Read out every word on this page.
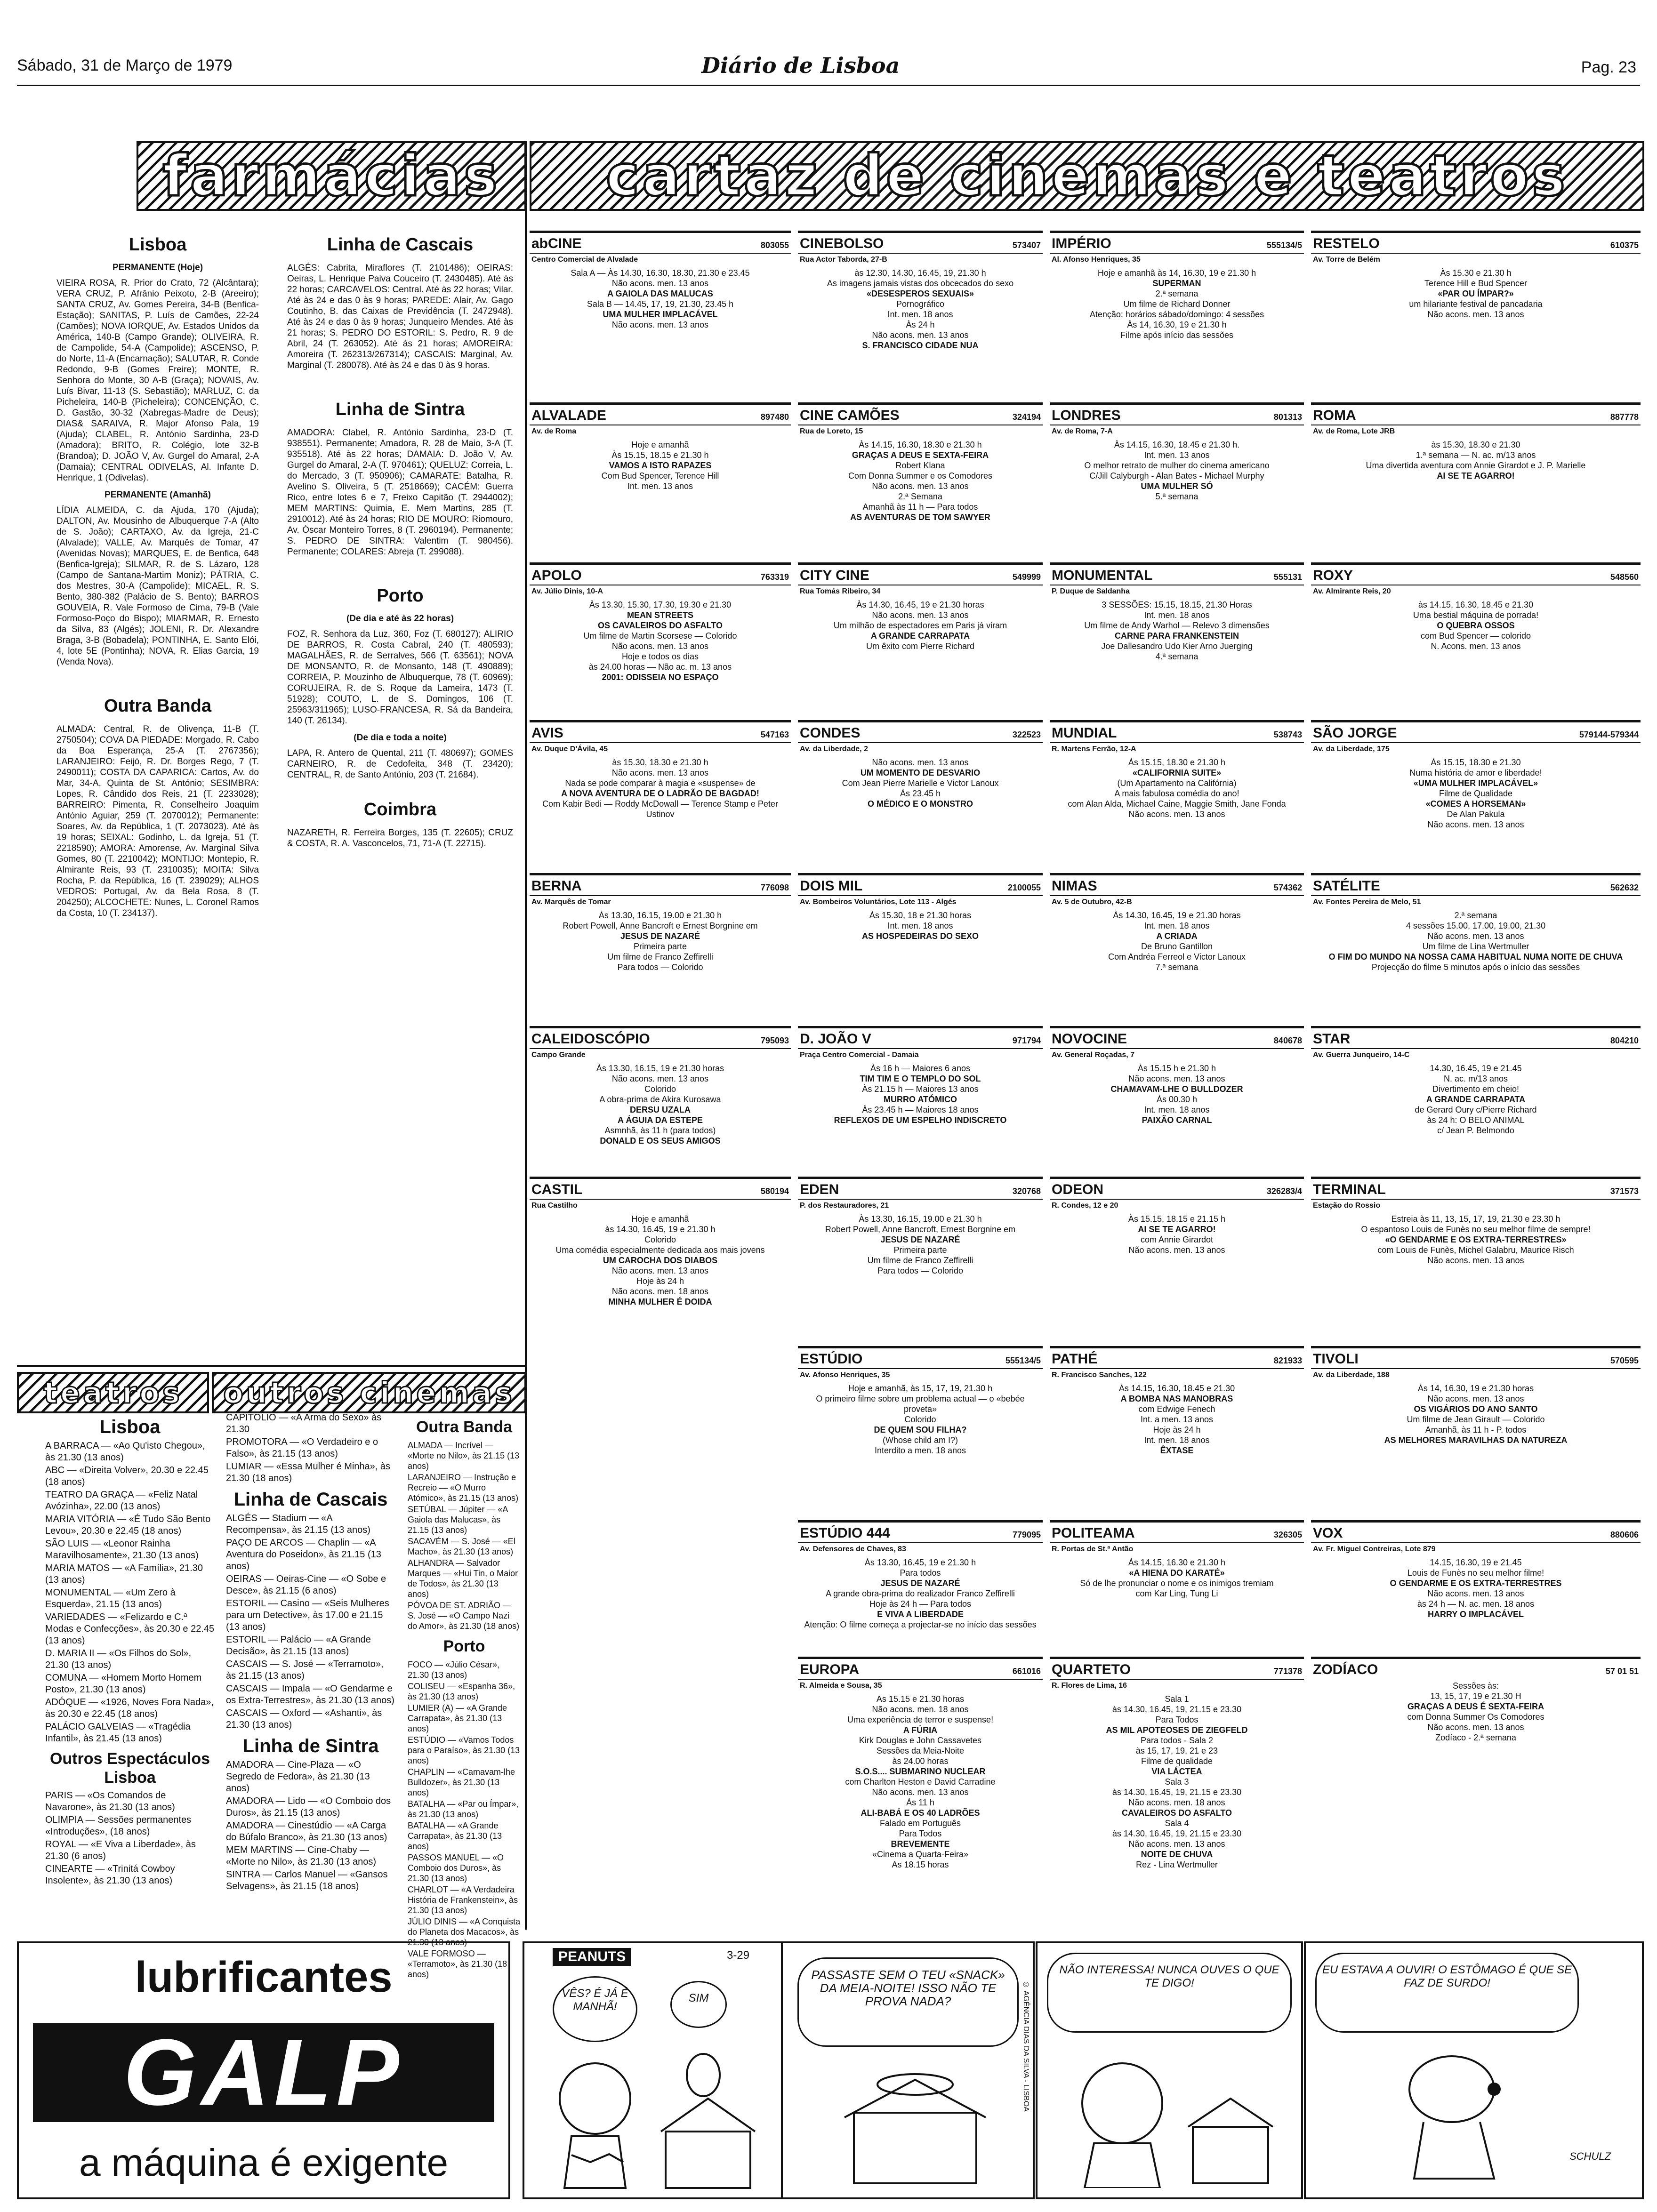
Sábado, 31 de Março de 1979	Diário de Lisboa	Pag. 23
farmácias cartaz de cinemas e teatros
Lisboa
PERMANENTE (Hoje)

VIEIRA ROSA, R. Prior do Crato, 72 (Alcântara); VERA CRUZ, P. Afrânio Peixoto, 2-B (Areeiro); SANTA CRUZ, Av. Gomes Pereira, 34-B (Benfica-Estação); SANITAS, P. Luís de Camões, 22-24 (Camões); NOVA IORQUE, Av. Estados Unidos da América, 140-B (Campo Grande); OLIVEIRA, R. de Campolide, 54-A (Campolide); ASCENSO, P. do Norte, 11-A (Encarnação); SALUTAR, R. Conde Redondo, 9-B (Gomes Freire); MONTE, R. Senhora do Monte, 30 A-B (Graça); NOVAIS, Av. Luís Bivar, 11-13 (S. Sebastião); MARLUZ, C. da Picheleira, 140-B (Picheleira); CONCENÇÃO, C. D. Gastão, 30-32 (Xabregas-Madre de Deus); DIAS& SARAIVA, R. Major Afonso Pala, 19 (Ajuda); CLABEL, R. António Sardinha, 23-D (Amadora); BRITO, R. Colégio, lote 32-B (Brandoa); D. JOÃO V, Av. Gurgel do Amaral, 2-A (Damaia); CENTRAL ODIVELAS, Al. Infante D. Henrique, 1 (Odivelas).

PERMANENTE (Amanhã)

LÍDIA ALMEIDA, C. da Ajuda, 170 (Ajuda); DALTON, Av. Mousinho de Albuquerque 7-A (Alto de S. João); CARTAXO, Av. da Igreja, 21-C (Alvalade); VALLE, Av. Marquês de Tomar, 47 (Avenidas Novas); MARQUES, E. de Benfica, 648 (Benfica-Igreja); SILMAR, R. de S. Lázaro, 128 (Campo de Santana-Martim Moniz); PÁTRIA, C. dos Mestres, 30-A (Campolide); MICAEL, R. S. Bento, 380-382 (Palácio de S. Bento); BARROS GOUVEIA, R. Vale Formoso de Cima, 79-B (Vale Formoso-Poço do Bispo); MIARMAR, R. Ernesto da Silva, 83 (Algés); JOLENI, R. Dr. Alexandre Braga, 3-B (Bobadela); PONTINHA, E. Santo Elói, 4, lote 5E (Pontinha); NOVA, R. Elias Garcia, 19 (Venda Nova).

Outra Banda

ALMADA: Central, R. de Olivença, 11-B (T. 2750504); COVA DA PIEDADE: Morgado, R. Cabo da Boa Esperança, 25-A (T. 2767356); LARANJEIRO: Feijó, R. Dr. Borges Rego, 7 (T. 2490011); COSTA DA CAPARICA: Cartos, Av. do Mar, 34-A, Quinta de St. António; SESIMBRA: Lopes, R. Cândido dos Reis, 21 (T. 2233028); BARREIRO: Pimenta, R. Conselheiro Joaquim António Aguiar, 259 (T. 2070012); Permanente: Soares, Av. da República, 1 (T. 2073023). Até às 19 horas; SEIXAL: Godinho, L. da Igreja, 51 (T. 2218590); AMORA: Amorense, Av. Marginal Silva Gomes, 80 (T. 2210042); MONTIJO: Montepio, R. Almirante Reis, 93 (T. 2310035); MOITA: Silva Rocha, P. da República, 16 (T. 239029); ALHOS VEDROS: Portugal, Av. da Bela Rosa, 8 (T. 204250); ALCOCHETE: Nunes, L. Coronel Ramos da Costa, 10 (T. 234137).

Linha de Cascais

ALGÉS: Cabrita, Miraflores (T. 2101486); OEIRAS: Oeiras, L. Henrique Paiva Couceiro (T. 2430485). Até às 22 horas; CARCAVELOS: Central. Até às 22 horas; Vilar. Até às 24 e das 0 às 9 horas; PAREDE: Alair, Av. Gago Coutinho, B. das Caixas de Previdência (T. 2472948). Até às 24 e das 0 às 9 horas; Junqueiro Mendes. Até às 21 horas; S. PEDRO DO ESTORIL: S. Pedro, R. 9 de Abril, 24 (T. 263052). Até às 21 horas; AMOREIRA: Amoreira (T. 262313/267314); CASCAIS: Marginal, Av. Marginal (T. 280078). Até às 24 e das 0 às 9 horas.

Linha de Sintra

AMADORA: Clabel, R. António Sardinha, 23-D (T. 938551). Permanente; Amadora, R. 28 de Maio, 3-A (T. 935518). Até às 22 horas; DAMAIA: D. João V, Av. Gurgel do Amaral, 2-A (T. 970461); QUELUZ: Correia, L. do Mercado, 3 (T. 950906); CAMARATE: Batalha, R. Avelino S. Oliveira, 5 (T. 2518669); CACÉM: Guerra Rico, entre lotes 6 e 7, Freixo Capitão (T. 2944002); MEM MARTINS: Quimia, E. Mem Martins, 285 (T. 2910012). Até às 24 horas; RIO DE MOURO: Riomouro, Av. Óscar Monteiro Torres, 8 (T. 2960194). Permanente; S. PEDRO DE SINTRA: Valentim (T. 980456). Permanente; COLARES: Abreja (T. 299088).

Porto
(De dia e até às 22 horas)

FOZ, R. Senhora da Luz, 360, Foz (T. 680127); ALIRIO DE BARROS, R. Costa Cabral, 240 (T. 480593); MAGALHÃES, R. de Serralves, 566 (T. 63561); NOVA DE MONSANTO, R. de Monsanto, 148 (T. 490889); CORREIA, P. Mouzinho de Albuquerque, 78 (T. 60969); CORUJEIRA, R. de S. Roque da Lameira, 1473 (T. 51928); COUTO, L. de S. Domingos, 106 (T. 25963/311965); LUSO-FRANCESA, R. Sá da Bandeira, 140 (T. 26134).

(De dia e toda a noite)

LAPA, R. Antero de Quental, 211 (T. 480697); GOMES CARNEIRO, R. de Cedofeita, 348 (T. 23420); CENTRAL, R. de Santo António, 203 (T. 21684).

Coimbra

NAZARETH, R. Ferreira Borges, 135 (T. 22605); CRUZ & COSTA, R. A. Vasconcelos, 71, 71-A (T. 22715).

abCINE	803055
Centro Comercial de Alvalade
Sala A — Às 14.30, 16.30, 18.30, 21.30 e 23.45
Não acons. men. 13 anos
A GAIOLA DAS MALUCAS
Sala B — 14.45, 17, 19, 21.30, 23.45 h
UMA MULHER IMPLACÁVEL
Não acons. men. 13 anos
ALVALADE	897480
Av. de Roma
Hoje e amanhã
Às 15.15, 18.15 e 21.30 h
VAMOS A ISTO RAPAZES
Com Bud Spencer, Terence Hill
Int. men. 13 anos
APOLO	763319
Av. Júlio Dinis, 10-A
Às 13.30, 15.30, 17.30, 19.30 e 21.30
MEAN STREETS
OS CAVALEIROS DO ASFALTO
Um filme de Martin Scorsese — Colorido
Não acons. men. 13 anos
Hoje e todos os dias
às 24.00 horas — Não ac. m. 13 anos
2001: ODISSEIA NO ESPAÇO
AVIS	547163
Av. Duque D'Ávila, 45
às 15.30, 18.30 e 21.30 h
Não acons. men. 13 anos
Nada se pode comparar à magia e «suspense» de
A NOVA AVENTURA DE O LADRÃO DE BAGDAD!
Com Kabir Bedi — Roddy McDowall — Terence Stamp e Peter Ustinov
BERNA	776098
Av. Marquês de Tomar
Às 13.30, 16.15, 19.00 e 21.30 h
Robert Powell, Anne Bancroft e Ernest Borgnine em
JESUS DE NAZARÉ
Primeira parte
Um filme de Franco Zeffirelli
Para todos — Colorido
CALEIDOSCÓPIO	795093
Campo Grande
Às 13.30, 16.15, 19 e 21.30 horas
Não acons. men. 13 anos
Colorido
A obra-prima de Akira Kurosawa
DERSU UZALA
A ÁGUIA DA ESTEPE
Asmnhã, às 11 h (para todos)
DONALD E OS SEUS AMIGOS
CASTIL	580194
Rua Castilho
Hoje e amanhã
às 14.30, 16.45, 19 e 21.30 h
Colorido
Uma comédia especialmente dedicada aos mais jovens
UM CAROCHA DOS DIABOS
Não acons. men. 13 anos
Hoje às 24 h
Não acons. men. 18 anos
MINHA MULHER É DOIDA
CINEBOLSO	573407
Rua Actor Taborda, 27-B
às 12.30, 14.30, 16.45, 19, 21.30 h
As imagens jamais vistas dos obcecados do sexo
«DESESPEROS SEXUAIS»
Pornográfico
Int. men. 18 anos
Às 24 h
Não acons. men. 13 anos
S. FRANCISCO CIDADE NUA
CINE CAMÕES	324194
Rua de Loreto, 15
Às 14.15, 16.30, 18.30 e 21.30 h
GRAÇAS A DEUS E SEXTA-FEIRA
Robert Klana
Com Donna Summer e os Comodores
Não acons. men. 13 anos
2.ª Semana
Amanhã às 11 h — Para todos
AS AVENTURAS DE TOM SAWYER
CITY CINE	549999
Rua Tomás Ribeiro, 34
Às 14.30, 16.45, 19 e 21.30 horas
Não acons. men. 13 anos
Um milhão de espectadores em Paris já viram
A GRANDE CARRAPATA
Um êxito com Pierre Richard
CONDES	322523
Av. da Liberdade, 2
Não acons. men. 13 anos
UM MOMENTO DE DESVARIO
Com Jean Pierre Marielle e Victor Lanoux
Às 23.45 h
O MÉDICO E O MONSTRO
DOIS MIL	2100055
Av. Bombeiros Voluntários, Lote 113 - Algés
Às 15.30, 18 e 21.30 horas
Int. men. 18 anos
AS HOSPEDEIRAS DO SEXO
D. JOÃO V	971794
Praça Centro Comercial - Damaia
Às 16 h — Maiores 6 anos
TIM TIM E O TEMPLO DO SOL
Às 21.15 h — Maiores 13 anos
MURRO ATÓMICO
Às 23.45 h — Maiores 18 anos
REFLEXOS DE UM ESPELHO INDISCRETO
EDEN	320768
P. dos Restauradores, 21
Às 13.30, 16.15, 19.00 e 21.30 h
Robert Powell, Anne Bancroft, Ernest Borgnine em
JESUS DE NAZARÉ
Primeira parte
Um filme de Franco Zeffirelli
Para todos — Colorido
ESTÚDIO	555134/5
Av. Afonso Henriques, 35
Hoje e amanhã, às 15, 17, 19, 21.30 h
O primeiro filme sobre um problema actual — o «bebée proveta»
Colorido
DE QUEM SOU FILHA?
(Whose child am I?)
Interdito a men. 18 anos
ESTÚDIO 444	779095
Av. Defensores de Chaves, 83
Às 13.30, 16.45, 19 e 21.30 h
Para todos
JESUS DE NAZARÉ
A grande obra-prima do realizador Franco Zeffirelli
Hoje às 24 h — Para todos
E VIVA A LIBERDADE
Atenção: O filme começa a projectar-se no início das sessões
EUROPA	661016
R. Almeida e Sousa, 35
As 15.15 e 21.30 horas
Não acons. men. 18 anos
Uma experiência de terror e suspense!
A FÚRIA
Kirk Douglas e John Cassavetes
Sessões da Meia-Noite
às 24.00 horas
S.O.S.... SUBMARINO NUCLEAR
com Charlton Heston e David Carradine
Não acons. men. 13 anos
Às 11 h
ALI-BABÁ E OS 40 LADRÕES
Falado em Português
Para Todos
BREVEMENTE
«Cinema a Quarta-Feira»
As 18.15 horas
IMPÉRIO	555134/5
Al. Afonso Henriques, 35
Hoje e amanhã às 14, 16.30, 19 e 21.30 h
SUPERMAN
2.ª semana
Um filme de Richard Donner
Atenção: horários sábado/domingo: 4 sessões
Às 14, 16.30, 19 e 21.30 h
Filme após início das sessões
LONDRES	801313
Av. de Roma, 7-A
Às 14.15, 16.30, 18.45 e 21.30 h.
Int. men. 13 anos
O melhor retrato de mulher do cinema americano
C/Jill Calyburgh - Alan Bates - Michael Murphy
UMA MULHER SÓ
5.ª semana
MONUMENTAL	555131
P. Duque de Saldanha
3 SESSÕES: 15.15, 18.15, 21.30 Horas
Int. men. 18 anos
Um filme de Andy Warhol — Relevo 3 dimensões
CARNE PARA FRANKENSTEIN
Joe Dallesandro Udo Kier Arno Juerging
4.ª semana
MUNDIAL	538743
R. Martens Ferrão, 12-A
Às 15.15, 18.30 e 21.30 h
«CALIFORNIA SUITE»
(Um Apartamento na Califórnia)
A mais fabulosa comédia do ano!
com Alan Alda, Michael Caine, Maggie Smith, Jane Fonda
Não acons. men. 13 anos
NIMAS	574362
Av. 5 de Outubro, 42-B
Às 14.30, 16.45, 19 e 21.30 horas
Int. men. 18 anos
A CRIADA
De Bruno Gantillon
Com Andréa Ferreol e Victor Lanoux
7.ª semana
NOVOCINE	840678
Av. General Roçadas, 7
Às 15.15 h e 21.30 h
Não acons. men. 13 anos
CHAMAVAM-LHE O BULLDOZER
Às 00.30 h
Int. men. 18 anos
PAIXÃO CARNAL
ODEON	326283/4
R. Condes, 12 e 20
Às 15.15, 18.15 e 21.15 h
AI SE TE AGARRO!
com Annie Girardot
Não acons. men. 13 anos
PATHÉ	821933
R. Francisco Sanches, 122
Às 14.15, 16.30, 18.45 e 21.30
A BOMBA NAS MANOBRAS
com Edwige Fenech
Int. a men. 13 anos
Hoje às 24 h
Int. men. 18 anos
ÊXTASE
POLITEAMA	326305
R. Portas de St.ª Antão
Às 14.15, 16.30 e 21.30 h
«A HIENA DO KARATÉ»
Só de lhe pronunciar o nome e os inimigos tremiam
com Kar Ling, Tung Li
QUARTETO	771378
R. Flores de Lima, 16
Sala 1
às 14.30, 16.45, 19, 21.15 e 23.30
Para Todos
AS MIL APOTEOSES DE ZIEGFELD
Para todos - Sala 2
às 15, 17, 19, 21 e 23
Filme de qualidade
VIA LÁCTEA
Sala 3
às 14.30, 16.45, 19, 21.15 e 23.30
Não acons. men. 18 anos
CAVALEIROS DO ASFALTO
Sala 4
às 14.30, 16.45, 19, 21.15 e 23.30
Não acons. men. 13 anos
NOITE DE CHUVA
Rez - Lina Wertmuller
RESTELO	610375
Av. Torre de Belém
Às 15.30 e 21.30 h
Terence Hill e Bud Spencer
«PAR OU ÍMPAR?»
um hilariante festival de pancadaria
Não acons. men. 13 anos
ROMA	887778
Av. de Roma, Lote JRB
às 15.30, 18.30 e 21.30
1.ª semana — N. ac. m/13 anos
Uma divertida aventura com Annie Girardot e J. P. Marielle
AI SE TE AGARRO!
ROXY	548560
Av. Almirante Reis, 20
às 14.15, 16.30, 18.45 e 21.30
Uma bestial máquina de porrada!
O QUEBRA OSSOS
com Bud Spencer — colorido
N. Acons. men. 13 anos
SÃO JORGE	579144-579344
Av. da Liberdade, 175
Às 15.15, 18.30 e 21.30
Numa história de amor e liberdade!
«UMA MULHER IMPLACÁVEL»
Filme de Qualidade
«COMES A HORSEMAN»
De Alan Pakula
Não acons. men. 13 anos
SATÉLITE	562632
Av. Fontes Pereira de Melo, 51
2.ª semana
4 sessões 15.00, 17.00, 19.00, 21.30
Não acons. men. 13 anos
Um filme de Lina Wertmuller
O FIM DO MUNDO NA NOSSA CAMA HABITUAL NUMA NOITE DE CHUVA
Projecção do filme 5 minutos após o início das sessões
STAR	804210
Av. Guerra Junqueiro, 14-C
14.30, 16.45, 19 e 21.45
N. ac. m/13 anos
Divertimento em cheio!
A GRANDE CARRAPATA
de Gerard Oury c/Pierre Richard
às 24 h: O BELO ANIMAL
c/ Jean P. Belmondo
TERMINAL	371573
Estação do Rossio
Estreia às 11, 13, 15, 17, 19, 21.30 e 23.30 h
O espantoso Louis de Funès no seu melhor filme de sempre!
«O GENDARME E OS EXTRA-TERRESTRES»
com Louis de Funès, Michel Galabru, Maurice Risch
Não acons. men. 13 anos
TIVOLI	570595
Av. da Liberdade, 188
Às 14, 16.30, 19 e 21.30 horas
Não acons. men. 13 anos
OS VIGÁRIOS DO ANO SANTO
Um filme de Jean Girault — Colorido
Amanhã, às 11 h - P. todos
AS MELHORES MARAVILHAS DA NATUREZA
VOX	880606
Av. Fr. Miguel Contreiras, Lote 879
14.15, 16.30, 19 e 21.45
Louis de Funès no seu melhor filme!
O GENDARME E OS EXTRA-TERRESTRES
Não acons. men. 13 anos
às 24 h — N. ac. men. 18 anos
HARRY O IMPLACÁVEL
ZODÍACO	57 01 51
Sessões às:
13, 15, 17, 19 e 21.30 H
GRAÇAS A DEUS É SEXTA-FEIRA
com Donna Summer Os Comodores
Não acons. men. 13 anos
Zodíaco - 2.ª semana
teatros outros cinemas
Lisboa

A BARRACA — «Ao Qu'isto Chegou», às 21.30 (13 anos)

ABC — «Direita Volver», 20.30 e 22.45 (18 anos)

TEATRO DA GRAÇA — «Feliz Natal Avózinha», 22.00 (13 anos)

MARIA VITÓRIA — «É Tudo São Bento Levou», 20.30 e 22.45 (18 anos)

SÃO LUIS — «Leonor Rainha Maravilhosamente», 21.30 (13 anos)

MARIA MATOS — «A Família», 21.30 (13 anos)

MONUMENTAL — «Um Zero à Esquerda», 21.15 (13 anos)

VARIEDADES — «Felizardo e C.ª Modas e Confecções», às 20.30 e 22.45 (13 anos)

D. MARIA II — «Os Filhos do Sol», 21.30 (13 anos)

COMUNA — «Homem Morto Homem Posto», 21.30 (13 anos)

ADÓQUE — «1926, Noves Fora Nada», às 20.30 e 22.45 (18 anos)

PALÁCIO GALVEIAS — «Tragédia Infantil», às 21.45 (13 anos)

Outros Espectáculos Lisboa

PARIS — «Os Comandos de Navarone», às 21.30 (13 anos)

OLIMPIA — Sessões permanentes «Introduções», (18 anos)

ROYAL — «E Viva a Liberdade», às 21.30 (6 anos)

CINEARTE — «Trinitá Cowboy Insolente», às 21.30 (13 anos)

CAPITÓLIO — «A Arma do Sexo» às 21.30

PROMOTORA — «O Verdadeiro e o Falso», às 21.15 (13 anos)

LUMIAR — «Essa Mulher é Minha», às 21.30 (18 anos)

Linha de Cascais

ALGÉS — Stadium — «A Recompensa», às 21.15 (13 anos)

PAÇO DE ARCOS — Chaplin — «A Aventura do Poseidon», às 21.15 (13 anos)

OEIRAS — Oeiras-Cine — «O Sobe e Desce», às 21.15 (6 anos)

ESTORIL — Casino — «Seis Mulheres para um Detective», às 17.00 e 21.15 (13 anos)

ESTORIL — Palácio — «A Grande Decisão», às 21.15 (13 anos)

CASCAIS — S. José — «Terramoto», às 21.15 (13 anos)

CASCAIS — Impala — «O Gendarme e os Extra-Terrestres», às 21.30 (13 anos)

CASCAIS — Oxford — «Ashanti», às 21.30 (13 anos)

Linha de Sintra

AMADORA — Cine-Plaza — «O Segredo de Fedora», às 21.30 (13 anos)

AMADORA — Lido — «O Comboio dos Duros», às 21.15 (13 anos)

AMADORA — Cinestúdio — «A Carga do Búfalo Branco», às 21.30 (13 anos)

MEM MARTINS — Cine-Chaby — «Morte no Nilo», às 21.30 (13 anos)

SINTRA — Carlos Manuel — «Gansos Selvagens», às 21.15 (18 anos)

Outra Banda

ALMADA — Incrível — «Morte no Nilo», às 21.15 (13 anos)

LARANJEIRO — Instrução e Recreio — «O Murro Atómico», às 21.15 (13 anos)

SETÚBAL — Júpiter — «A Gaiola das Malucas», às 21.15 (13 anos)

SACAVÉM — S. José — «El Macho», às 21.30 (13 anos)

ALHANDRA — Salvador Marques — «Hui Tin, o Maior de Todos», às 21.30 (13 anos)

PÓVOA DE ST. ADRIÃO — S. José — «O Campo Nazi do Amor», às 21.30 (18 anos)

Porto

FOCO — «Júlio César», 21.30 (13 anos)

COLISEU — «Espanha 36», às 21.30 (13 anos)

LUMIER (A) — «A Grande Carrapata», às 21.30 (13 anos)

ESTÚDIO — «Vamos Todos para o Paraíso», às 21.30 (13 anos)

CHAPLIN — «Camavam-lhe Bulldozer», às 21.30 (13 anos)

BATALHA — «Par ou Ímpar», às 21.30 (13 anos)

BATALHA — «A Grande Carrapata», às 21.30 (13 anos)

PASSOS MANUEL — «O Comboio dos Duros», às 21.30 (13 anos)

CHARLOT — «A Verdadeira História de Frankenstein», às 21.30 (13 anos)

JÚLIO DINIS — «A Conquista do Planeta dos Macacos», às 21.30 (13 anos)

VALE FORMOSO — «Terramoto», às 21.30 (18 anos)

lubrificantes
GALP
a máquina é exigente
PEANUTS	3-29
VÊS? É JÁ É MANHÃ!
SIM
PASSASTE SEM O TEU «SNACK» DA MEIA-NOITE! ISSO NÃO TE PROVA NADA?	© AGÊNCIA DIAS DA SILVA - LISBOA
NÃO INTERESSA! NUNCA OUVES O QUE TE DIGO!
EU ESTAVA A OUVIR! O ESTÔMAGO É QUE SE FAZ DE SURDO!
SCHULZ
